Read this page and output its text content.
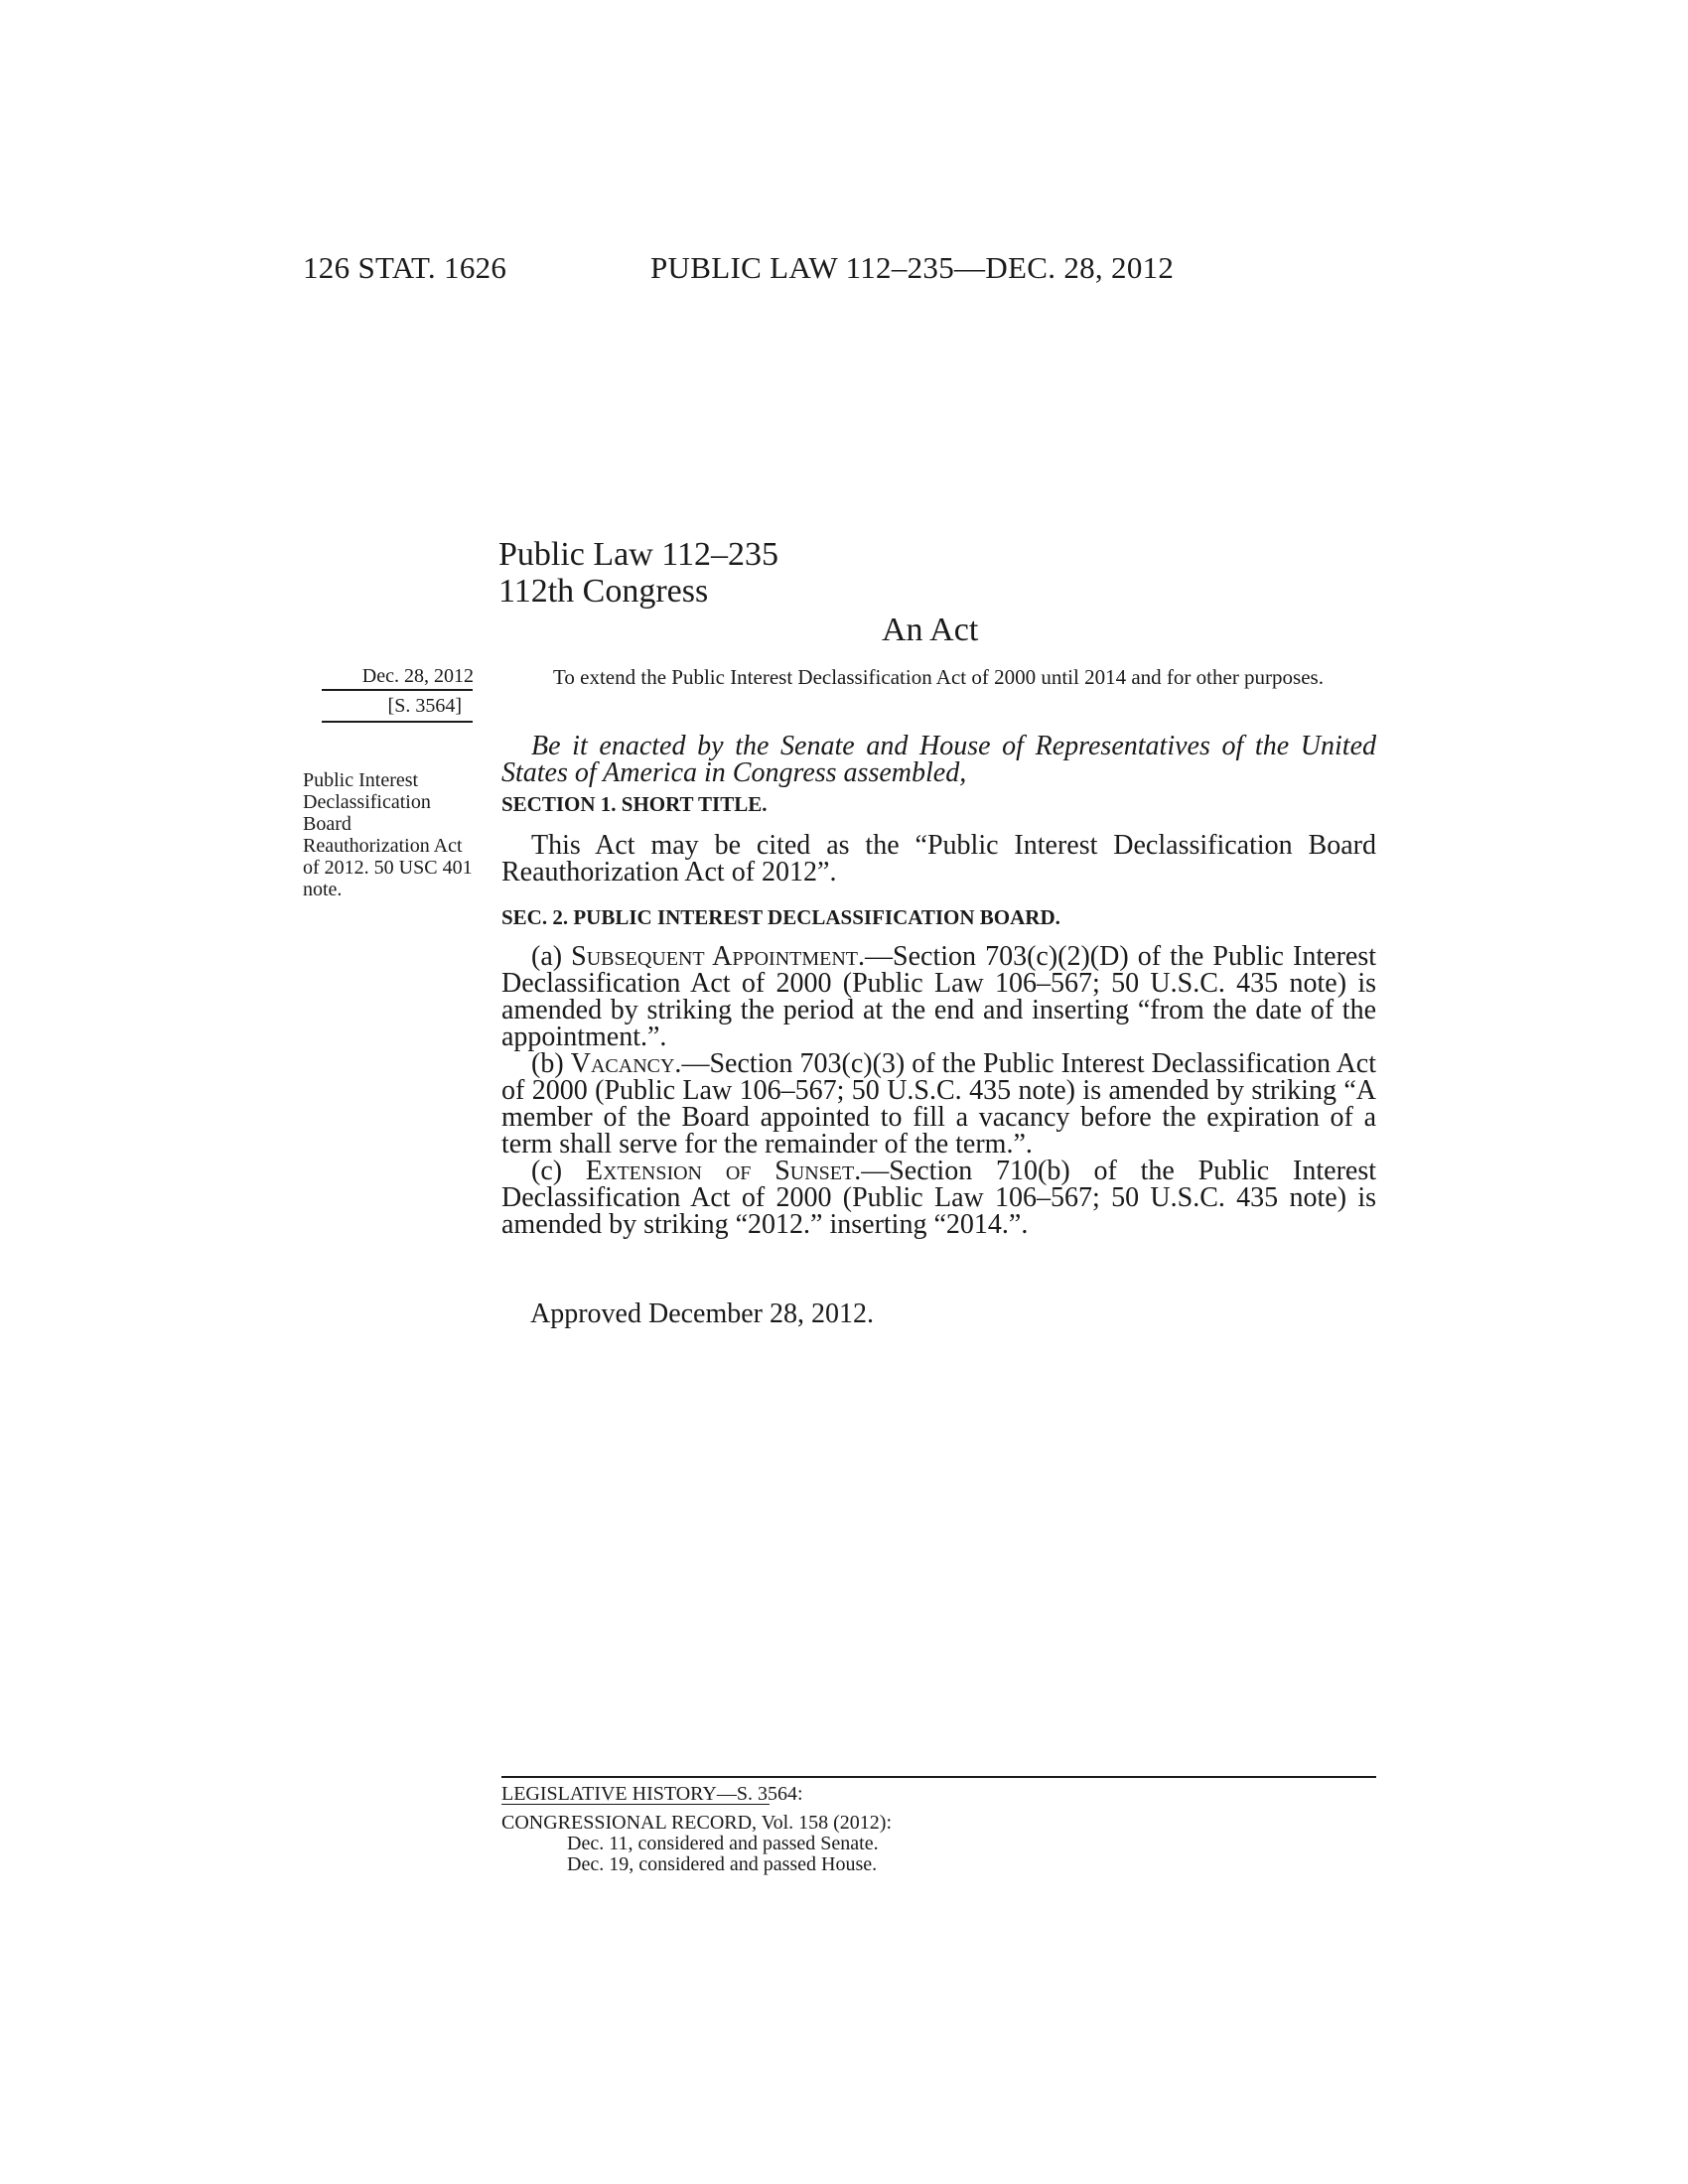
126 STAT. 1626	PUBLIC LAW 112–235—DEC. 28, 2012
Public Law 112–235
112th Congress
An Act
Dec. 28, 2012
[S. 3564]
Public Interest Declassification Board Reauthorization Act of 2012. 50 USC 401 note.
To extend the Public Interest Declassification Act of 2000 until 2014 and for other purposes.

Be it enacted by the Senate and House of Representatives of the United States of America in Congress assembled,

SECTION 1. SHORT TITLE.

This Act may be cited as the “Public Interest Declassification Board Reauthorization Act of 2012”.

SEC. 2. PUBLIC INTEREST DECLASSIFICATION BOARD.

(a) Subsequent Appointment.—Section 703(c)(2)(D) of the Public Interest Declassification Act of 2000 (Public Law 106–567; 50 U.S.C. 435 note) is amended by striking the period at the end and inserting “from the date of the appointment.”.

(b) Vacancy.—Section 703(c)(3) of the Public Interest Declassification Act of 2000 (Public Law 106–567; 50 U.S.C. 435 note) is amended by striking “A member of the Board appointed to fill a vacancy before the expiration of a term shall serve for the remainder of the term.”.

(c) Extension of Sunset.—Section 710(b) of the Public Interest Declassification Act of 2000 (Public Law 106–567; 50 U.S.C. 435 note) is amended by striking “2012.” inserting “2014.”.

Approved December 28, 2012.
LEGISLATIVE HISTORY—S. 3564:
CONGRESSIONAL RECORD, Vol. 158 (2012):
Dec. 11, considered and passed Senate.
Dec. 19, considered and passed House.
